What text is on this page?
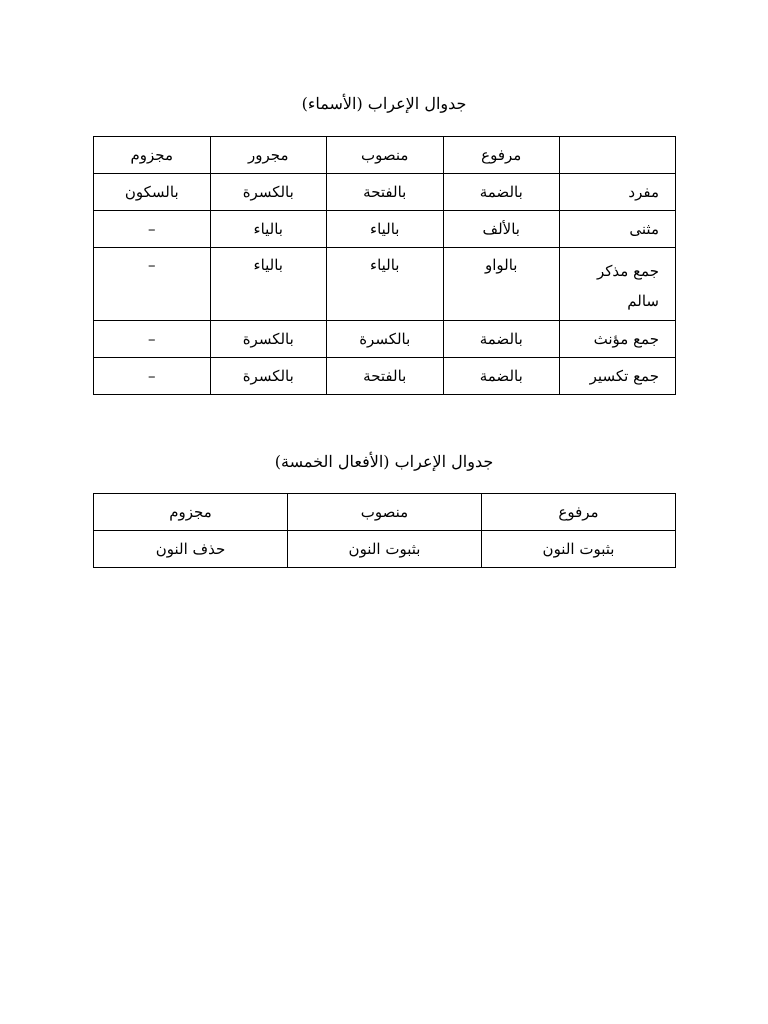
جدوال الإعراب (الأسماء)
	مرفوع	منصوب	مجرور	مجزوم
مفرد	بالضمة	بالفتحة	بالكسرة	بالسكون
مثنى	بالألف	بالياء	بالياء	–
جمع مذكر سالم	بالواو	بالياء	بالياء	–
جمع مؤنث	بالضمة	بالكسرة	بالكسرة	–
جمع تكسير	بالضمة	بالفتحة	بالكسرة	–
جدوال الإعراب (الأفعال الخمسة)
مرفوع	منصوب	مجزوم
بثبوت النون	بثبوت النون	حذف النون
